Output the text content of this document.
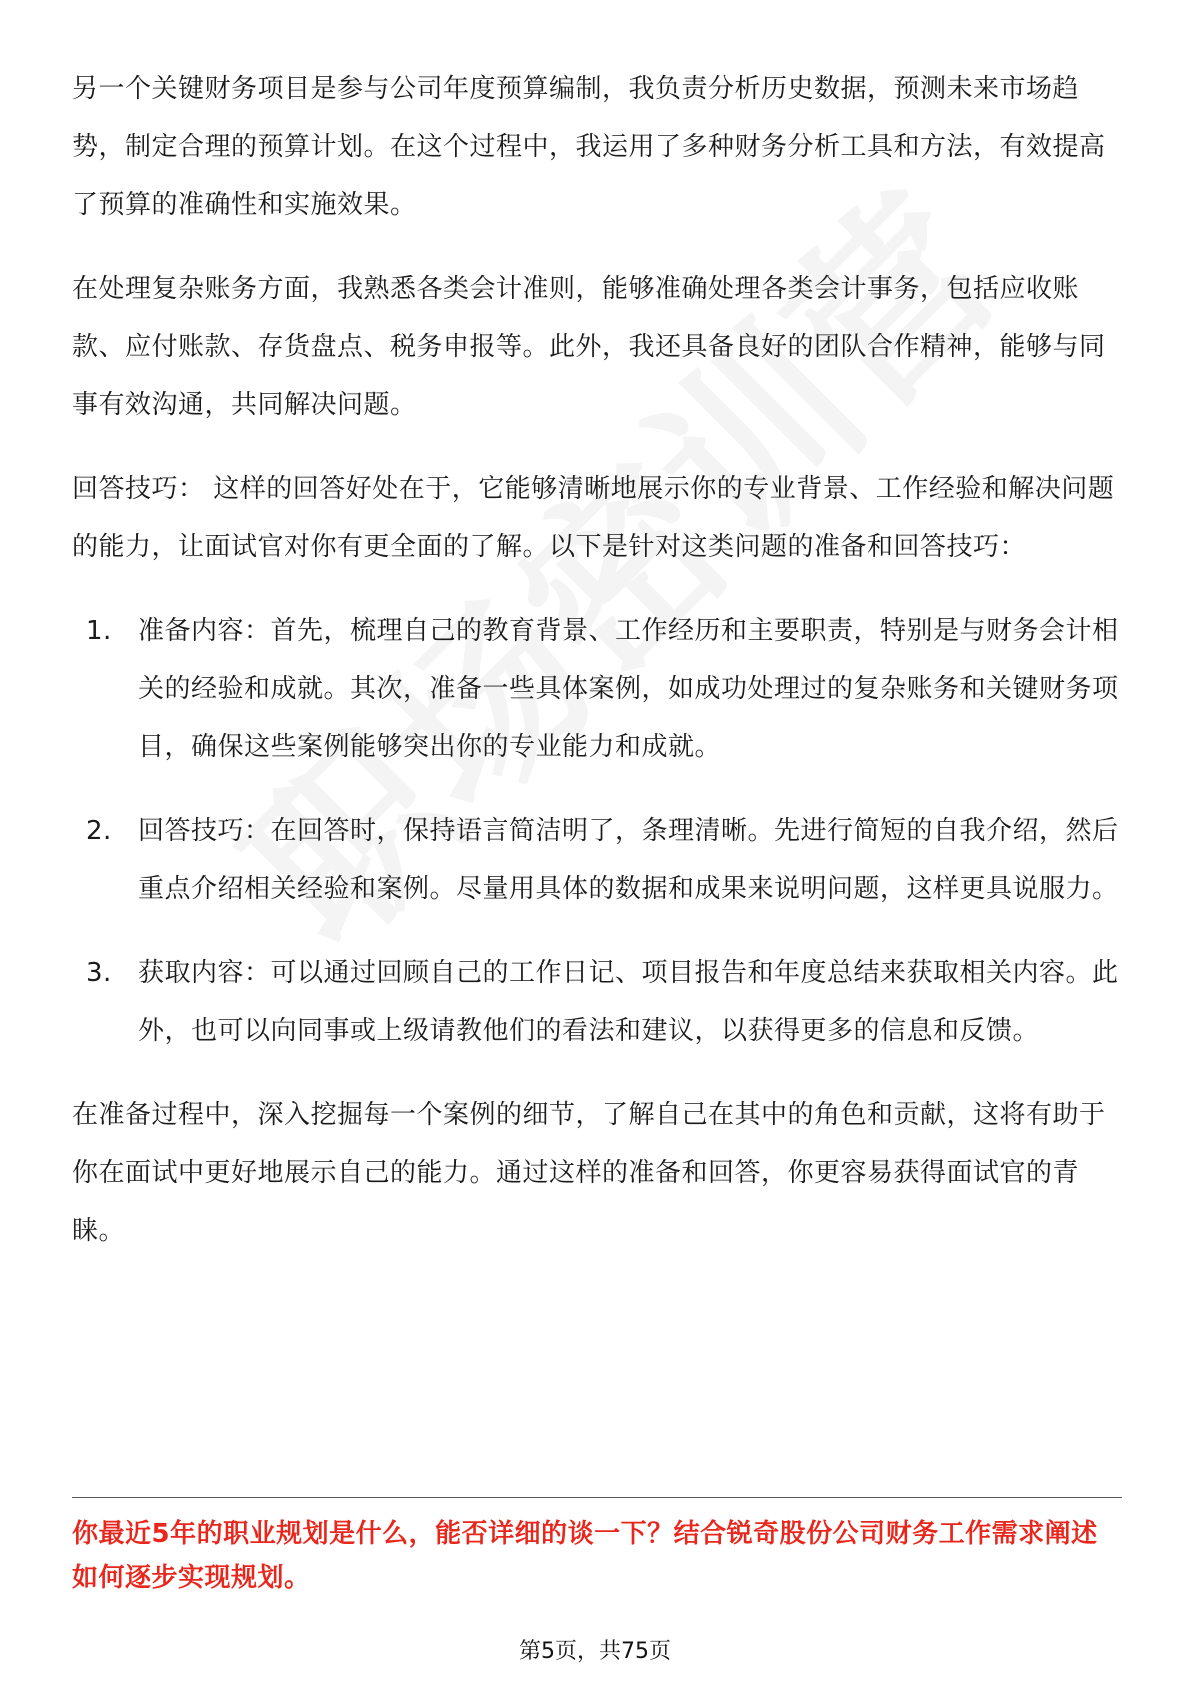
另一个关键财务项目是参与公司年度预算编制，我负责分析历史数据，预测未来市场趋势，制定合理的预算计划。在这个过程中，我运用了多种财务分析工具和方法，有效提高了预算的准确性和实施效果。

在处理复杂账务方面，我熟悉各类会计准则，能够准确处理各类会计事务，包括应收账款、应付账款、存货盘点、税务申报等。此外，我还具备良好的团队合作精神，能够与同事有效沟通，共同解决问题。

回答技巧： 这样的回答好处在于，它能够清晰地展示你的专业背景、工作经验和解决问题的能力，让面试官对你有更全面的了解。以下是针对这类问题的准备和回答技巧：

1. 准备内容：首先，梳理自己的教育背景、工作经历和主要职责，特别是与财务会计相关的经验和成就。其次，准备一些具体案例，如成功处理过的复杂账务和关键财务项目，确保这些案例能够突出你的专业能力和成就。
2. 回答技巧：在回答时，保持语言简洁明了，条理清晰。先进行简短的自我介绍，然后重点介绍相关经验和案例。尽量用具体的数据和成果来说明问题，这样更具说服力。
3. 获取内容：可以通过回顾自己的工作日记、项目报告和年度总结来获取相关内容。此外，也可以向同事或上级请教他们的看法和建议，以获得更多的信息和反馈。

在准备过程中，深入挖掘每一个案例的细节，了解自己在其中的角色和贡献，这将有助于你在面试中更好地展示自己的能力。通过这样的准备和回答，你更容易获得面试官的青睐。

你最近5年的职业规划是什么，能否详细的谈一下？结合锐奇股份公司财务工作需求阐述如何逐步实现规划。
第5页，共75页
